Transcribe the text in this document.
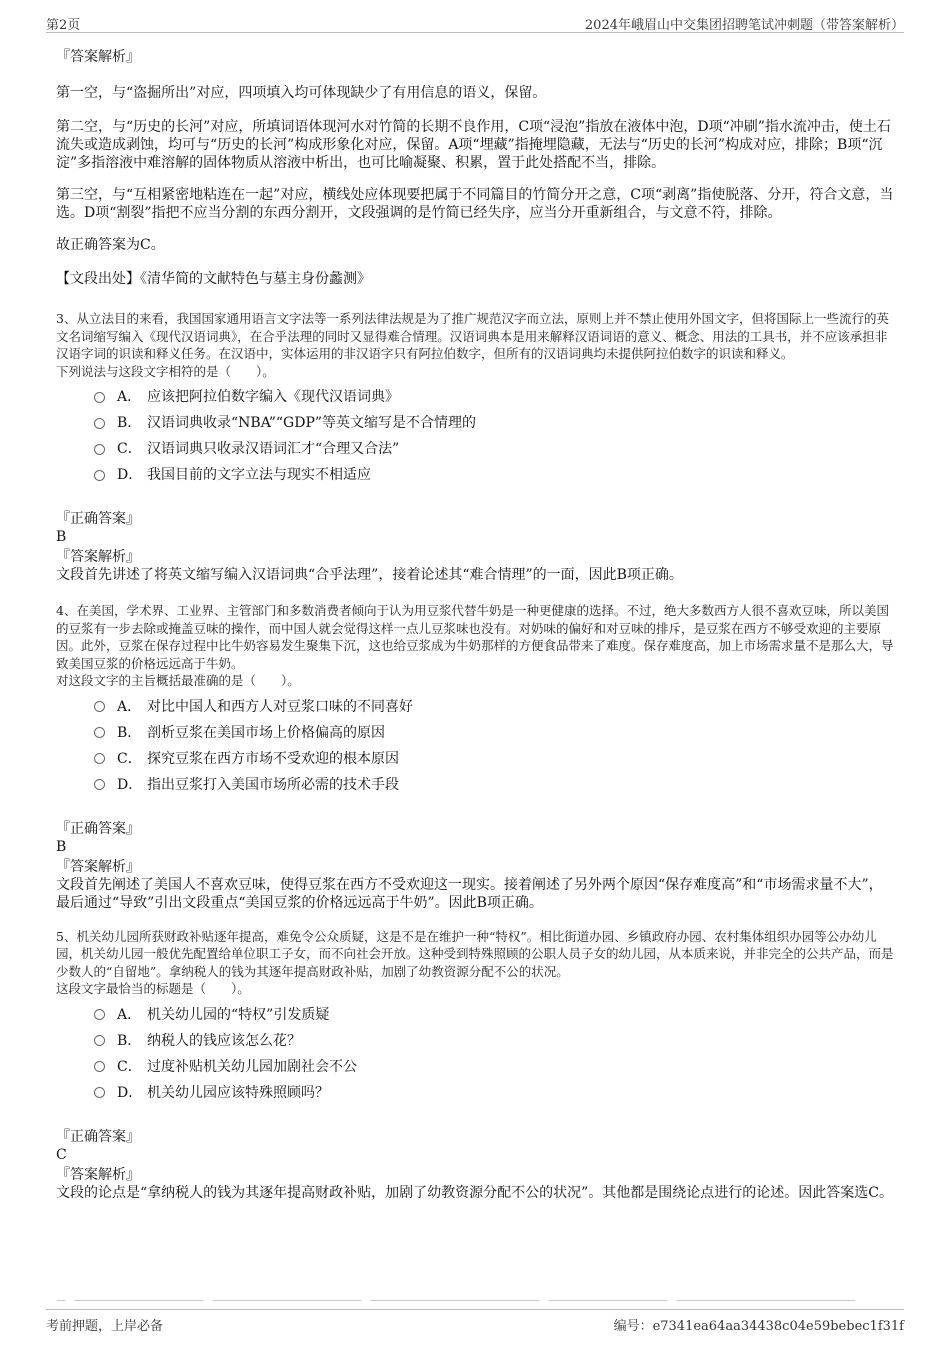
第2页	2024年峨眉山中交集团招聘笔试冲刺题（带答案解析）

『答案解析』

第一空，与“盗掘所出”对应，四项填入均可体现缺少了有用信息的语义，保留。

第二空，与“历史的长河”对应，所填词语体现河水对竹简的长期不良作用，C项“浸泡”指放在液体中泡，D项“冲刷”指水流冲击，使土石流失或造成剥蚀，均可与“历史的长河”构成形象化对应，保留。A项“埋藏”指掩埋隐藏，无法与“历史的长河”构成对应，排除；B项“沉淀”多指溶液中难溶解的固体物质从溶液中析出，也可比喻凝聚、积累，置于此处搭配不当，排除。

第三空，与“互相紧密地粘连在一起”对应，横线处应体现要把属于不同篇目的竹简分开之意，C项“剥离”指使脱落、分开，符合文意，当选。D项“割裂”指把不应当分割的东西分割开，文段强调的是竹简已经失序，应当分开重新组合，与文意不符，排除。

故正确答案为C。

【文段出处】《清华简的文献特色与墓主身份蠡测》

3、从立法目的来看，我国国家通用语言文字法等一系列法律法规是为了推广规范汉字而立法，原则上并不禁止使用外国文字，但将国际上一些流行的英文名词缩写编入《现代汉语词典》，在合乎法理的同时又显得难合情理。汉语词典本是用来解释汉语词语的意义、概念、用法的工具书，并不应该承担非汉语字词的识读和释义任务。在汉语中，实体运用的非汉语字只有阿拉伯数字，但所有的汉语词典均未提供阿拉伯数字的识读和释义。

下列说法与这段文字相符的是（　　）。

A． 应该把阿拉伯数字编入《现代汉语词典》
B． 汉语词典收录“NBA”“GDP”等英文缩写是不合情理的
C． 汉语词典只收录汉语词汇才“合理又合法”
D． 我国目前的文字立法与现实不相适应

『正确答案』

B

『答案解析』

文段首先讲述了将英文缩写编入汉语词典“合乎法理”，接着论述其“难合情理”的一面，因此B项正确。

4、在美国，学术界、工业界、主管部门和多数消费者倾向于认为用豆浆代替牛奶是一种更健康的选择。不过，绝大多数西方人很不喜欢豆味，所以美国的豆浆有一步去除或掩盖豆味的操作，而中国人就会觉得这样一点儿豆浆味也没有。对奶味的偏好和对豆味的排斥，是豆浆在西方不够受欢迎的主要原因。此外，豆浆在保存过程中比牛奶容易发生聚集下沉，这也给豆浆成为牛奶那样的方便食品带来了难度。保存难度高，加上市场需求量不是那么大，导致美国豆浆的价格远远高于牛奶。

对这段文字的主旨概括最准确的是（　　）。

A． 对比中国人和西方人对豆浆口味的不同喜好
B． 剖析豆浆在美国市场上价格偏高的原因
C． 探究豆浆在西方市场不受欢迎的根本原因
D． 指出豆浆打入美国市场所必需的技术手段

『正确答案』

B

『答案解析』

文段首先阐述了美国人不喜欢豆味，使得豆浆在西方不受欢迎这一现实。接着阐述了另外两个原因“保存难度高”和“市场需求量不大”，最后通过“导致”引出文段重点“美国豆浆的价格远远高于牛奶”。因此B项正确。

5、机关幼儿园所获财政补贴逐年提高，难免令公众质疑，这是不是在维护一种“特权”。相比街道办园、乡镇政府办园、农村集体组织办园等公办幼儿园，机关幼儿园一般优先配置给单位职工子女，而不向社会开放。这种受到特殊照顾的公职人员子女的幼儿园，从本质来说，并非完全的公共产品，而是少数人的“自留地”。拿纳税人的钱为其逐年提高财政补贴，加剧了幼教资源分配不公的状况。

这段文字最恰当的标题是（　　）。

A． 机关幼儿园的“特权”引发质疑
B． 纳税人的钱应该怎么花？
C． 过度补贴机关幼儿园加剧社会不公
D． 机关幼儿园应该特殊照顾吗？

『正确答案』

C

『答案解析』

文段的论点是“拿纳税人的钱为其逐年提高财政补贴，加剧了幼教资源分配不公的状况”。其他都是围绕论点进行的论述。因此答案选C。

考前押题，上岸必备	编号：e7341ea64aa34438c04e59bebec1f31f
